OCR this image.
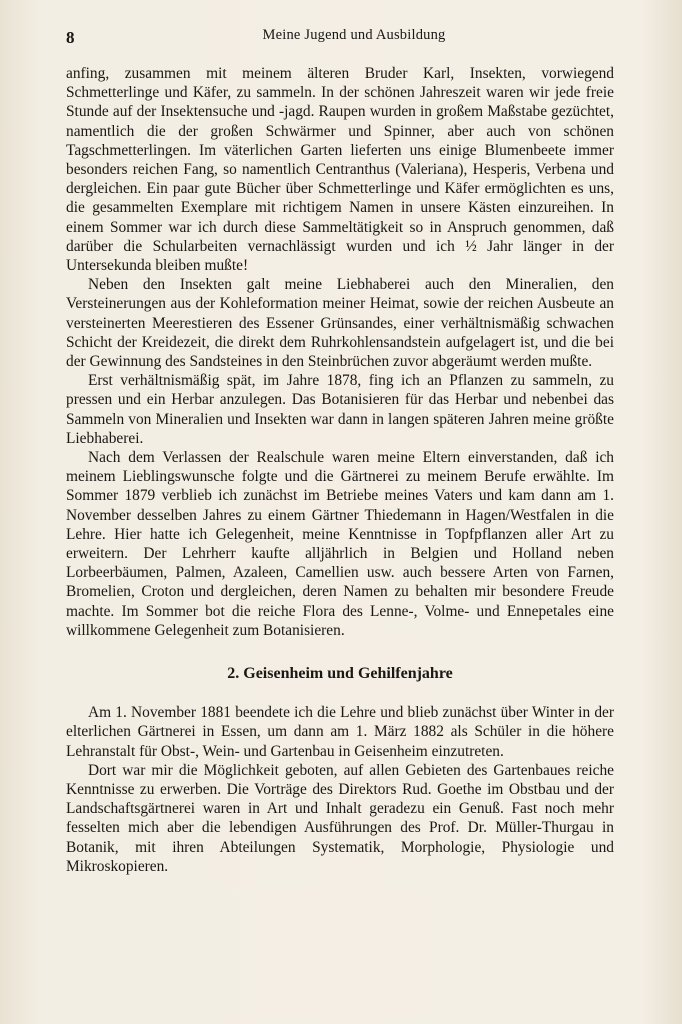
8	Meine Jugend und Ausbildung

anfing, zusammen mit meinem älteren Bruder Karl, Insekten, vorwiegend Schmetterlinge und Käfer, zu sammeln. In der schönen Jahreszeit waren wir jede freie Stunde auf der Insektensuche und -jagd. Raupen wurden in großem Maßstabe gezüchtet, namentlich die der großen Schwärmer und Spinner, aber auch von schönen Tagschmetterlingen. Im väterlichen Garten lieferten uns einige Blumenbeete immer besonders reichen Fang, so namentlich Centranthus (Valeriana), Hesperis, Verbena und dergleichen. Ein paar gute Bücher über Schmetterlinge und Käfer ermöglichten es uns, die gesammelten Exemplare mit richtigem Namen in unsere Kästen einzureihen. In einem Sommer war ich durch diese Sammeltätigkeit so in Anspruch genommen, daß darüber die Schularbeiten vernachlässigt wurden und ich ½ Jahr länger in der Untersekunda bleiben mußte!

Neben den Insekten galt meine Liebhaberei auch den Mineralien, den Versteinerungen aus der Kohleformation meiner Heimat, sowie der reichen Ausbeute an versteinerten Meerestieren des Essener Grünsandes, einer verhältnismäßig schwachen Schicht der Kreidezeit, die direkt dem Ruhrkohlensandstein aufgelagert ist, und die bei der Gewinnung des Sandsteines in den Steinbrüchen zuvor abgeräumt werden mußte.

Erst verhältnismäßig spät, im Jahre 1878, fing ich an Pflanzen zu sammeln, zu pressen und ein Herbar anzulegen. Das Botanisieren für das Herbar und nebenbei das Sammeln von Mineralien und Insekten war dann in langen späteren Jahren meine größte Liebhaberei.

Nach dem Verlassen der Realschule waren meine Eltern einverstanden, daß ich meinem Lieblingswunsche folgte und die Gärtnerei zu meinem Berufe erwählte. Im Sommer 1879 verblieb ich zunächst im Betriebe meines Vaters und kam dann am 1. November desselben Jahres zu einem Gärtner Thiedemann in Hagen/Westfalen in die Lehre. Hier hatte ich Gelegenheit, meine Kenntnisse in Topfpflanzen aller Art zu erweitern. Der Lehrherr kaufte alljährlich in Belgien und Holland neben Lorbeerbäumen, Palmen, Azaleen, Camellien usw. auch bessere Arten von Farnen, Bromelien, Croton und dergleichen, deren Namen zu behalten mir besondere Freude machte. Im Sommer bot die reiche Flora des Lenne-, Volme- und Ennepetales eine willkommene Gelegenheit zum Botanisieren.

2. Geisenheim und Gehilfenjahre

Am 1. November 1881 beendete ich die Lehre und blieb zunächst über Winter in der elterlichen Gärtnerei in Essen, um dann am 1. März 1882 als Schüler in die höhere Lehranstalt für Obst-, Wein- und Gartenbau in Geisenheim einzutreten.

Dort war mir die Möglichkeit geboten, auf allen Gebieten des Gartenbaues reiche Kenntnisse zu erwerben. Die Vorträge des Direktors Rud. Goethe im Obstbau und der Landschaftsgärtnerei waren in Art und Inhalt geradezu ein Genuß. Fast noch mehr fesselten mich aber die lebendigen Ausführungen des Prof. Dr. Müller-Thurgau in Botanik, mit ihren Abteilungen Systematik, Morphologie, Physiologie und Mikroskopieren.
